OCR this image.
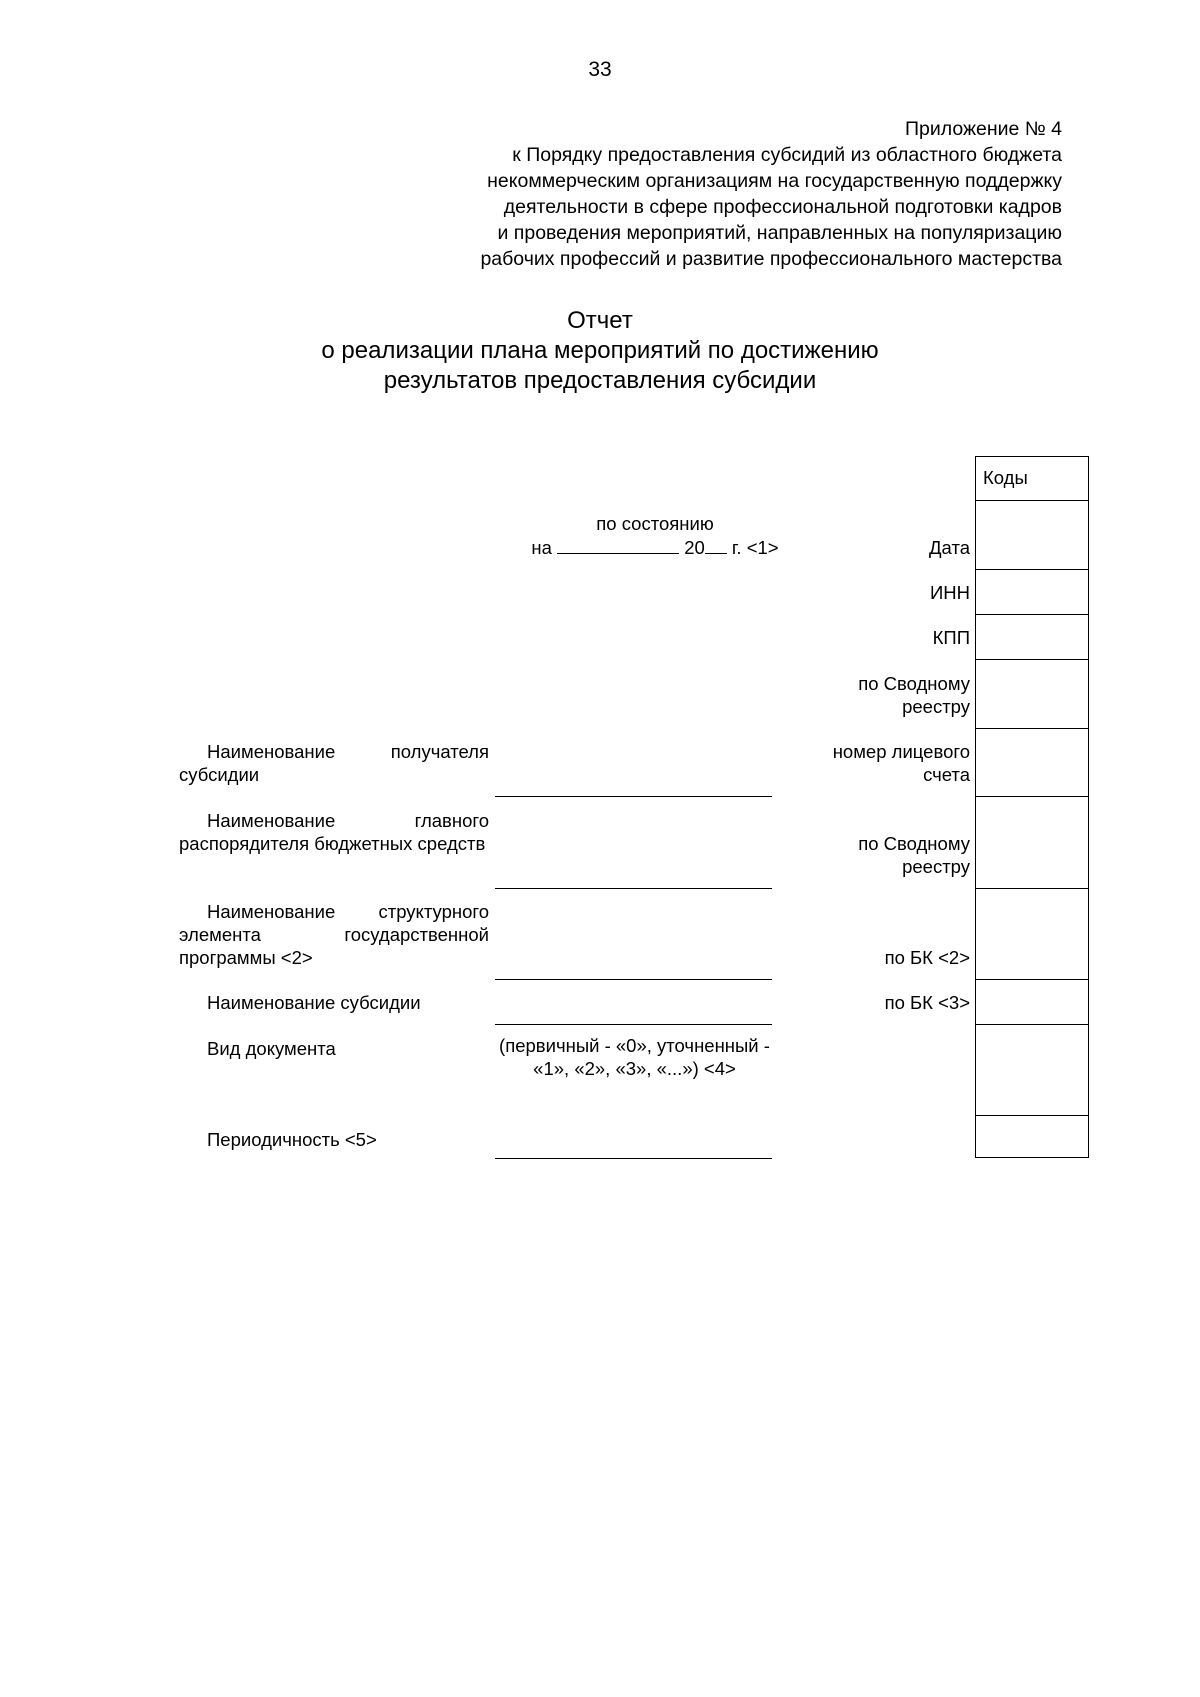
33
Приложение № 4
к Порядку предоставления субсидий из областного бюджета
некоммерческим организациям на государственную поддержку
деятельности в сфере профессиональной подготовки кадров
и проведения мероприятий, направленных на популяризацию
рабочих профессий и развитие профессионального мастерства
Отчет
о реализации плана мероприятий по достижению
результатов предоставления субсидии
по состоянию
на	20 г. <1>
Коды
Дата
ИНН
КПП
по Сводному реестру
номер лицевого счета
по Сводному реестру
по БК <2>
по БК <3>
Наименование получателя субсидии
Наименование главного распорядителя бюджетных средств
Наименование структурного элемента государственной программы <2>
Наименование субсидии
Вид документа
Периодичность <5>
(первичный - «0», уточненный - «1», «2», «3», «...») <4>
